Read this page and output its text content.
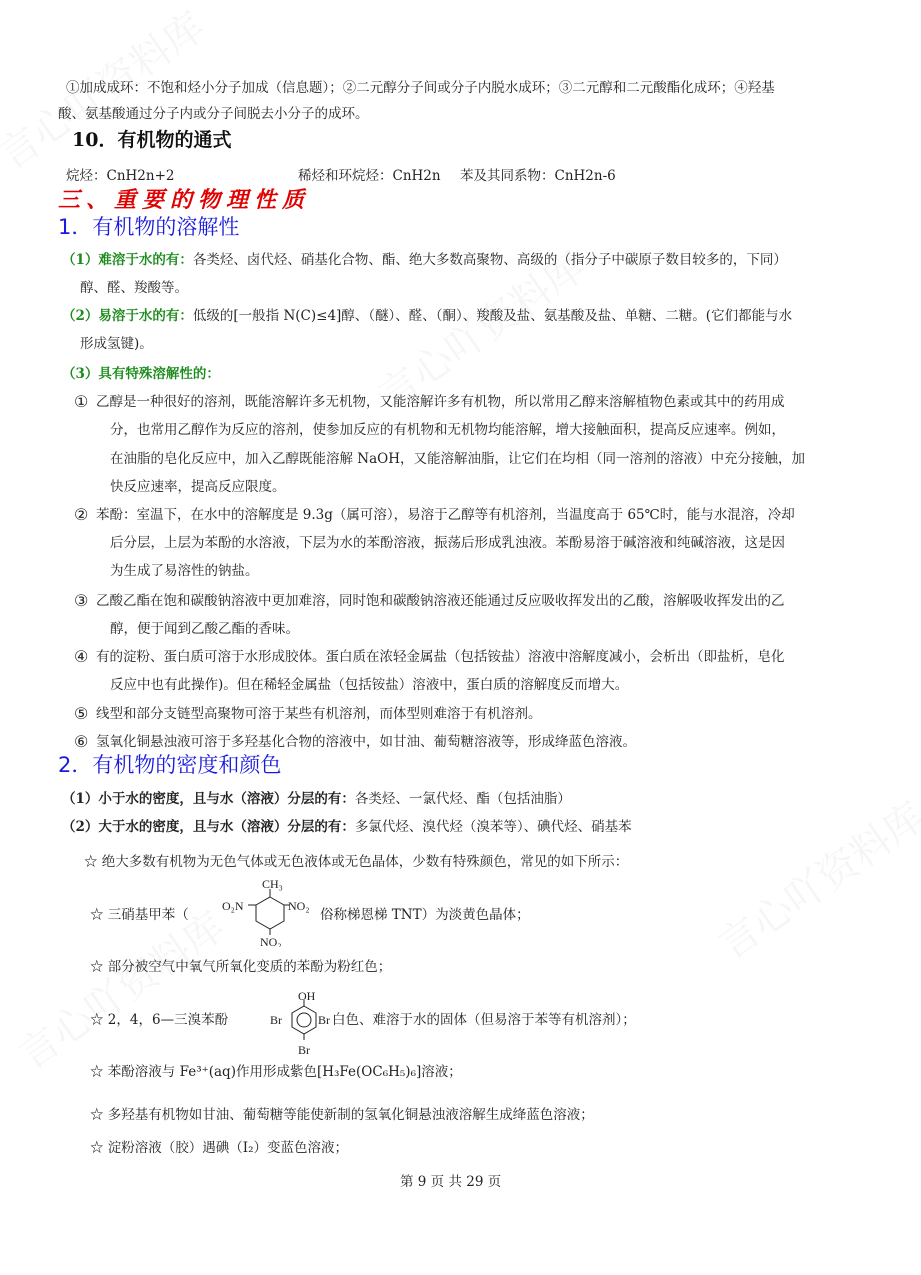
①加成成环：不饱和烃小分子加成（信息题）；②二元醇分子间或分子内脱水成环；③二元醇和二元酸酯化成环；④羟基
酸、氨基酸通过分子内或分子间脱去小分子的成环。
10．有机物的通式
烷烃：CnH2n+2	稀烃和环烷烃：CnH2n 苯及其同系物：CnH2n-6
三、重要的物理性质
1．有机物的溶解性
（1）难溶于水的有：各类烃、卤代烃、硝基化合物、酯、绝大多数高聚物、高级的（指分子中碳原子数目较多的，下同）
醇、醛、羧酸等。
（2）易溶于水的有：低级的[一般指 N(C)≤4]醇、（醚）、醛、（酮）、羧酸及盐、氨基酸及盐、单糖、二糖。(它们都能与水
形成氢键)。
（3）具有特殊溶解性的：
① 乙醇是一种很好的溶剂，既能溶解许多无机物，又能溶解许多有机物，所以常用乙醇来溶解植物色素或其中的药用成
分，也常用乙醇作为反应的溶剂，使参加反应的有机物和无机物均能溶解，增大接触面积，提高反应速率。例如，
在油脂的皂化反应中，加入乙醇既能溶解 NaOH，又能溶解油脂，让它们在均相（同一溶剂的溶液）中充分接触，加
快反应速率，提高反应限度。
② 苯酚：室温下，在水中的溶解度是 9.3g（属可溶），易溶于乙醇等有机溶剂，当温度高于 65℃时，能与水混溶，冷却
后分层，上层为苯酚的水溶液，下层为水的苯酚溶液，振荡后形成乳浊液。苯酚易溶于碱溶液和纯碱溶液，这是因
为生成了易溶性的钠盐。
③ 乙酸乙酯在饱和碳酸钠溶液中更加难溶，同时饱和碳酸钠溶液还能通过反应吸收挥发出的乙酸，溶解吸收挥发出的乙
醇，便于闻到乙酸乙酯的香味。
④ 有的淀粉、蛋白质可溶于水形成胶体。蛋白质在浓轻金属盐（包括铵盐）溶液中溶解度减小，会析出（即盐析，皂化
反应中也有此操作)。但在稀轻金属盐（包括铵盐）溶液中，蛋白质的溶解度反而增大。
⑤ 线型和部分支链型高聚物可溶于某些有机溶剂，而体型则难溶于有机溶剂。
⑥ 氢氧化铜悬浊液可溶于多羟基化合物的溶液中，如甘油、葡萄糖溶液等，形成绛蓝色溶液。
2．有机物的密度和颜色
（1）小于水的密度，且与水（溶液）分层的有：各类烃、一氯代烃、酯（包括油脂）
（2）大于水的密度，且与水（溶液）分层的有：多氯代烃、溴代烃（溴苯等）、碘代烃、硝基苯
☆ 绝大多数有机物为无色气体或无色液体或无色晶体，少数有特殊颜色，常见的如下所示：
☆ 三硝基甲苯（
CH₃
O₂N	NO₂
NO₂
俗称梯恩梯 TNT）为淡黄色晶体；
☆ 部分被空气中氧气所氧化变质的苯酚为粉红色；
☆ 2，4，6—三溴苯酚
OH
Br	Br
Br
白色、难溶于水的固体（但易溶于苯等有机溶剂）；
☆ 苯酚溶液与 Fe³⁺(aq)作用形成紫色[H₃Fe(OC₆H₅)₆]溶液；
☆ 多羟基有机物如甘油、葡萄糖等能使新制的氢氧化铜悬浊液溶解生成绛蓝色溶液；
☆ 淀粉溶液（胶）遇碘（I₂）变蓝色溶液；
第 9 页 共 29 页
